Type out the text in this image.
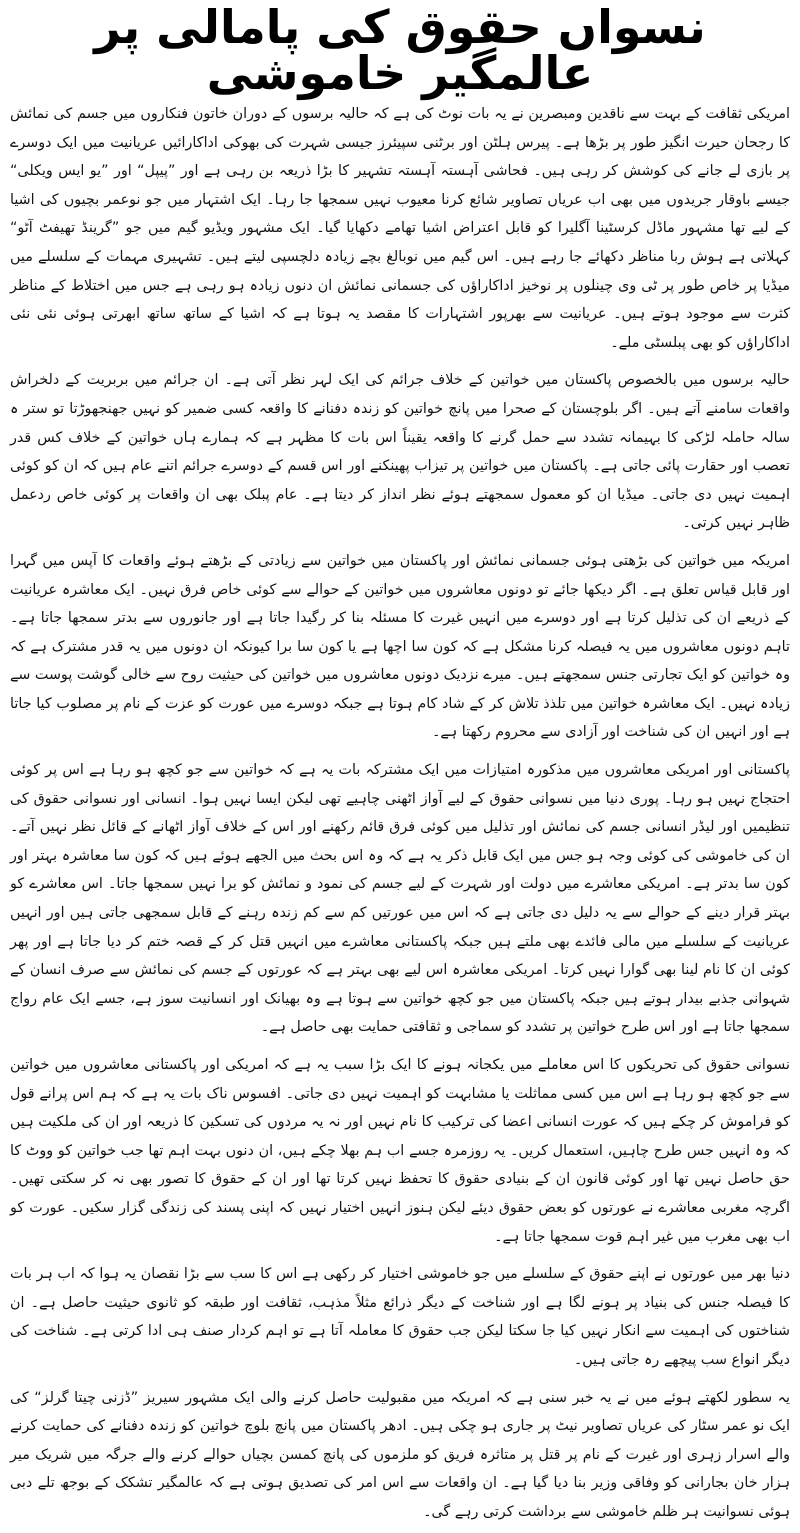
نسواں حقوق کی پامالی پر عالمگیر خاموشی

امریکی ثقافت کے بہت سے ناقدین ومبصرین نے یہ بات نوٹ کی ہے کہ حالیہ برسوں کے دوران خاتون فنکاروں میں جسم کی نمائش کا رجحان حیرت انگیز طور پر بڑھا ہے۔ پیرس ہلٹن اور برٹنی سپیئرز جیسی شہرت کی بھوکی اداکارائیں عریانیت میں ایک دوسرے پر بازی لے جانے کی کوشش کر رہی ہیں۔ فحاشی آہستہ آہستہ تشہیر کا بڑا ذریعہ بن رہی ہے اور ”پیپل“ اور ”یو ایس ویکلی“ جیسے باوقار جریدوں میں بھی اب عریاں تصاویر شائع کرنا معیوب نہیں سمجھا جا رہا۔ ایک اشتہار میں جو نوعمر بچیوں کی اشیا کے لیے تھا مشہور ماڈل کرسٹینا آگلیرا کو قابل اعتراض اشیا تھامے دکھایا گیا۔ ایک مشہور ویڈیو گیم میں جو ”گرینڈ تھیفٹ آٹو“ کہلاتی ہے ہوش ربا مناظر دکھائے جا رہے ہیں۔ اس گیم میں نوبالغ بچے زیادہ دلچسپی لیتے ہیں۔ تشہیری مہمات کے سلسلے میں میڈیا پر خاص طور پر ٹی وی چینلوں پر نوخیز اداکاراؤں کی جسمانی نمائش ان دنوں زیادہ ہو رہی ہے جس میں اختلاط کے مناظر کثرت سے موجود ہوتے ہیں۔ عریانیت سے بھرپور اشتہارات کا مقصد یہ ہوتا ہے کہ اشیا کے ساتھ ساتھ ابھرتی ہوئی نئی نئی اداکاراؤں کو بھی پبلسٹی ملے۔

حالیہ برسوں میں بالخصوص پاکستان میں خواتین کے خلاف جرائم کی ایک لہر نظر آتی ہے۔ ان جرائم میں بربریت کے دلخراش واقعات سامنے آتے ہیں۔ اگر بلوچستان کے صحرا میں پانچ خواتین کو زندہ دفنانے کا واقعہ کسی ضمیر کو نہیں جھنجھوڑتا تو ستر ہ سالہ حاملہ لڑکی کا بہیمانہ تشدد سے حمل گرنے کا واقعہ یقیناً اس بات کا مظہر ہے کہ ہمارے ہاں خواتین کے خلاف کس قدر تعصب اور حقارت پائی جاتی ہے۔ پاکستان میں خواتین پر تیزاب پھینکنے اور اس قسم کے دوسرے جرائم اتنے عام ہیں کہ ان کو کوئی اہمیت نہیں دی جاتی۔ میڈیا ان کو معمول سمجھتے ہوئے نظر انداز کر دیتا ہے۔ عام پبلک بھی ان واقعات پر کوئی خاص ردعمل ظاہر نہیں کرتی۔

امریکہ میں خواتین کی بڑھتی ہوئی جسمانی نمائش اور پاکستان میں خواتین سے زیادتی کے بڑھتے ہوئے واقعات کا آپس میں گہرا اور قابل قیاس تعلق ہے۔ اگر دیکھا جائے تو دونوں معاشروں میں خواتین کے حوالے سے کوئی خاص فرق نہیں۔ ایک معاشرہ عریانیت کے ذریعے ان کی تذلیل کرتا ہے اور دوسرے میں انہیں غیرت کا مسئلہ بنا کر رگیدا جاتا ہے اور جانوروں سے بدتر سمجھا جاتا ہے۔ تاہم دونوں معاشروں میں یہ فیصلہ کرنا مشکل ہے کہ کون سا اچھا ہے یا کون سا برا کیونکہ ان دونوں میں یہ قدر مشترک ہے کہ وہ خواتین کو ایک تجارتی جنس سمجھتے ہیں۔ میرے نزدیک دونوں معاشروں میں خواتین کی حیثیت روح سے خالی گوشت پوست سے زیادہ نہیں۔ ایک معاشرہ خواتین میں تلذذ تلاش کر کے شاد کام ہوتا ہے جبکہ دوسرے میں عورت کو عزت کے نام پر مصلوب کیا جاتا ہے اور انہیں ان کی شناخت اور آزادی سے محروم رکھتا ہے۔

پاکستانی اور امریکی معاشروں میں مذکورہ امتیازات میں ایک مشترکہ بات یہ ہے کہ خواتین سے جو کچھ ہو رہا ہے اس پر کوئی احتجاج نہیں ہو رہا۔ پوری دنیا میں نسوانی حقوق کے لیے آواز اٹھنی چاہیے تھی لیکن ایسا نہیں ہوا۔ انسانی اور نسوانی حقوق کی تنظیمیں اور لیڈر انسانی جسم کی نمائش اور تذلیل میں کوئی فرق قائم رکھنے اور اس کے خلاف آواز اٹھانے کے قائل نظر نہیں آتے۔ ان کی خاموشی کی کوئی وجہ ہو جس میں ایک قابل ذکر یہ ہے کہ وہ اس بحث میں الجھے ہوئے ہیں کہ کون سا معاشرہ بہتر اور کون سا بدتر ہے۔ امریکی معاشرے میں دولت اور شہرت کے لیے جسم کی نمود و نمائش کو برا نہیں سمجھا جاتا۔ اس معاشرے کو بہتر قرار دینے کے حوالے سے یہ دلیل دی جاتی ہے کہ اس میں عورتیں کم سے کم زندہ رہنے کے قابل سمجھی جاتی ہیں اور انہیں عریانیت کے سلسلے میں مالی فائدے بھی ملتے ہیں جبکہ پاکستانی معاشرے میں انہیں قتل کر کے قصہ ختم کر دیا جاتا ہے اور پھر کوئی ان کا نام لینا بھی گوارا نہیں کرتا۔ امریکی معاشرہ اس لیے بھی بہتر ہے کہ عورتوں کے جسم کی نمائش سے صرف انسان کے شہوانی جذبے بیدار ہوتے ہیں جبکہ پاکستان میں جو کچھ خواتین سے ہوتا ہے وہ بھیانک اور انسانیت سوز ہے، جسے ایک عام رواج سمجھا جاتا ہے اور اس طرح خواتین پر تشدد کو سماجی و ثقافتی حمایت بھی حاصل ہے۔

نسوانی حقوق کی تحریکوں کا اس معاملے میں یکجانہ ہونے کا ایک بڑا سبب یہ ہے کہ امریکی اور پاکستانی معاشروں میں خواتین سے جو کچھ ہو رہا ہے اس میں کسی مماثلت یا مشابہت کو اہمیت نہیں دی جاتی۔ افسوس ناک بات یہ ہے کہ ہم اس پرانے قول کو فراموش کر چکے ہیں کہ عورت انسانی اعضا کی ترکیب کا نام نہیں اور نہ یہ مردوں کی تسکین کا ذریعہ اور ان کی ملکیت ہیں کہ وہ انہیں جس طرح چاہیں، استعمال کریں۔ یہ روزمرہ جسے اب ہم بھلا چکے ہیں، ان دنوں بہت اہم تھا جب خواتین کو ووٹ کا حق حاصل نہیں تھا اور کوئی قانون ان کے بنیادی حقوق کا تحفظ نہیں کرتا تھا اور ان کے حقوق کا تصور بھی نہ کر سکتی تھیں۔ اگرچہ مغربی معاشرے نے عورتوں کو بعض حقوق دیئے لیکن ہنوز انہیں اختیار نہیں کہ اپنی پسند کی زندگی گزار سکیں۔ عورت کو اب بھی مغرب میں غیر اہم قوت سمجھا جاتا ہے۔

دنیا بھر میں عورتوں نے اپنے حقوق کے سلسلے میں جو خاموشی اختیار کر رکھی ہے اس کا سب سے بڑا نقصان یہ ہوا کہ اب ہر بات کا فیصلہ جنس کی بنیاد پر ہونے لگا ہے اور شناخت کے دیگر ذرائع مثلاً مذہب، ثقافت اور طبقہ کو ثانوی حیثیت حاصل ہے۔ ان شناختوں کی اہمیت سے انکار نہیں کیا جا سکتا لیکن جب حقوق کا معاملہ آتا ہے تو اہم کردار صنف ہی ادا کرتی ہے۔ شناخت کی دیگر انواع سب پیچھے رہ جاتی ہیں۔

یہ سطور لکھتے ہوئے میں نے یہ خبر سنی ہے کہ امریکہ میں مقبولیت حاصل کرنے والی ایک مشہور سیریز ”ڈزنی چیتا گرلز“ کی ایک نو عمر سٹار کی عریاں تصاویر نیٹ پر جاری ہو چکی ہیں۔ ادھر پاکستان میں پانچ بلوچ خواتین کو زندہ دفنانے کی حمایت کرنے والے اسرار زہری اور غیرت کے نام پر قتل پر متاثرہ فریق کو ملزموں کی پانچ کمسن بچیاں حوالے کرنے والے جرگہ میں شریک میر ہزار خان بجارانی کو وفاقی وزیر بنا دیا گیا ہے۔ ان واقعات سے اس امر کی تصدیق ہوتی ہے کہ عالمگیر تشکک کے بوجھ تلے دبی ہوئی نسوانیت ہر ظلم خاموشی سے برداشت کرتی رہے گی۔
